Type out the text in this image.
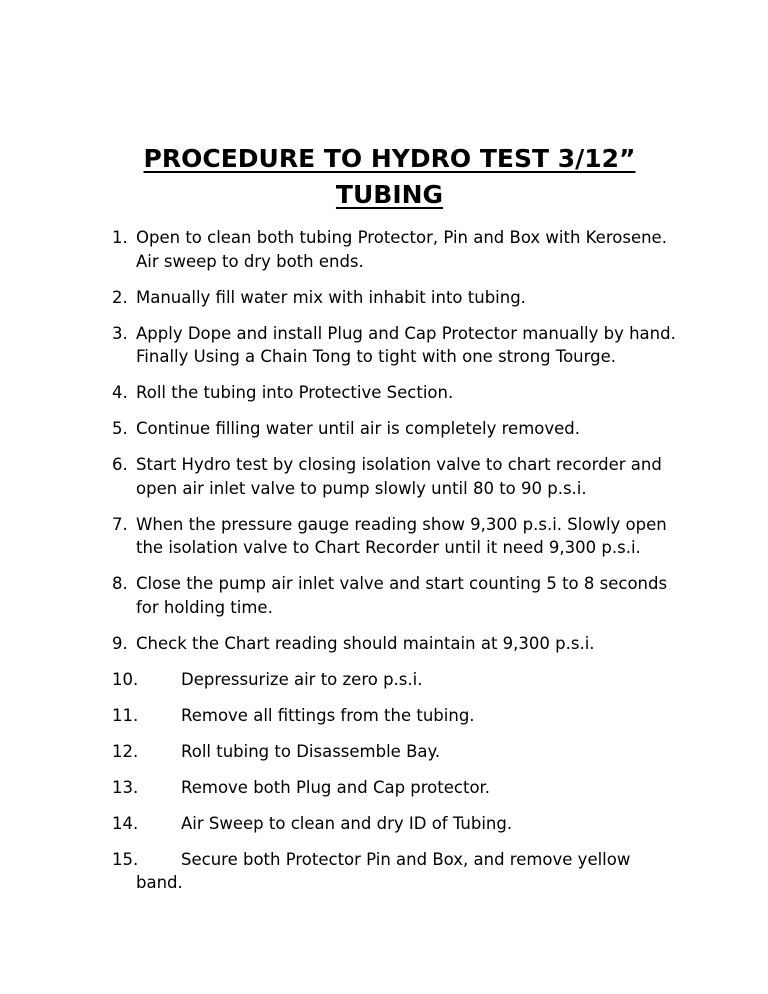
PROCEDURE TO HYDRO TEST 3/12” TUBING
1. Open to clean both tubing Protector, Pin and Box with Kerosene. Air sweep to dry both ends.
2. Manually fill water mix with inhabit into tubing.
3. Apply Dope and install Plug and Cap Protector manually by hand. Finally Using a Chain Tong to tight with one strong Tourge.
4. Roll the tubing into Protective Section.
5. Continue filling water until air is completely removed.
6. Start Hydro test by closing isolation valve to chart recorder and open air inlet valve to pump slowly until 80 to 90 p.s.i.
7. When the pressure gauge reading show 9,300 p.s.i. Slowly open the isolation valve to Chart Recorder until it need 9,300 p.s.i.
8. Close the pump air inlet valve and start counting 5 to 8 seconds for holding time.
9. Check the Chart reading should maintain at 9,300 p.s.i.
10.	Depressurize air to zero p.s.i.
11.	Remove all fittings from the tubing.
12.	Roll tubing to Disassemble Bay.
13.	Remove both Plug and Cap protector.
14.	Air Sweep to clean and dry ID of Tubing.
15.	Secure both Protector Pin and Box, and remove yellow
band.
